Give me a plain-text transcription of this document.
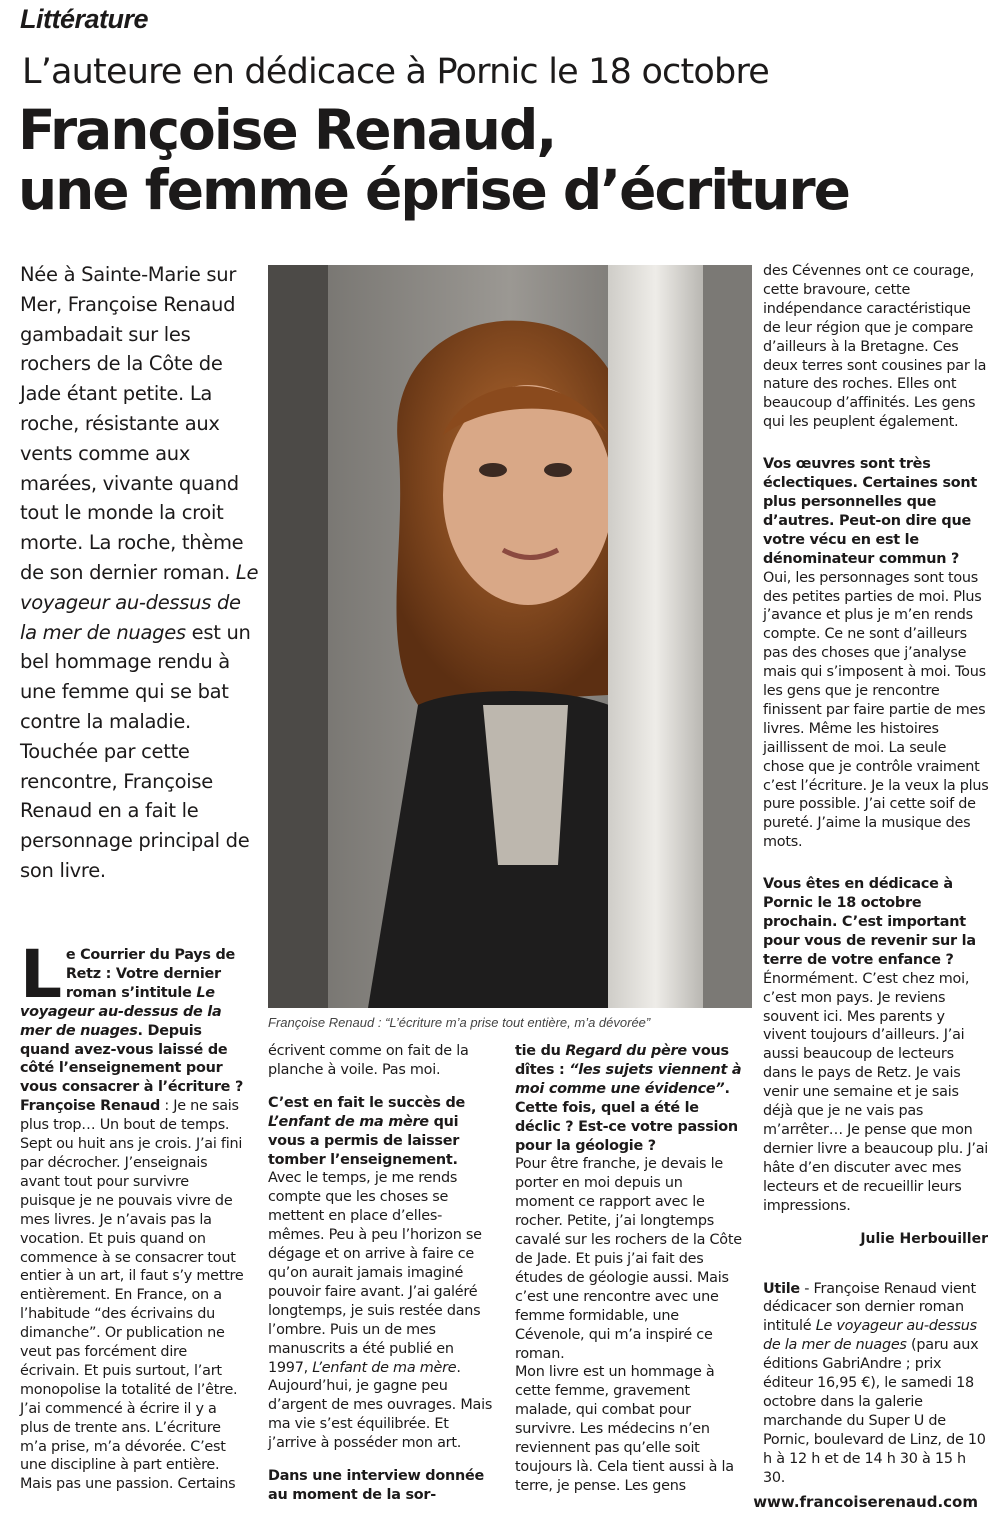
Littérature
L’auteure en dédicace à Pornic le 18 octobre
Françoise Renaud,
une femme éprise d’écriture
Née à Sainte-Marie sur Mer, Françoise Renaud gambadait sur les rochers de la Côte de Jade étant petite. La roche, résistante aux vents comme aux marées, vivante quand tout le monde la croit morte. La roche, thème de son dernier roman. Le voyageur au-dessus de la mer de nuages est un bel hommage rendu à une femme qui se bat contre la maladie. Touchée par cette rencontre, Françoise Renaud en a fait le personnage principal de son livre.
Françoise Renaud : “L’écriture m’a prise tout entière, m’a dévorée”

Le Courrier du Pays de Retz : Votre dernier roman s’intitule Le voyageur au-dessus de la mer de nuages. Depuis quand avez-vous laissé de côté l’enseignement pour vous consacrer à l’écriture ?

Françoise Renaud : Je ne sais plus trop… Un bout de temps. Sept ou huit ans je crois. J’ai fini par décrocher. J’enseignais avant tout pour survivre puisque je ne pouvais vivre de mes livres. Je n’avais pas la vocation. Et puis quand on commence à se consacrer tout entier à un art, il faut s’y mettre entièrement. En France, on a l’habitude “des écrivains du dimanche”. Or publication ne veut pas forcément dire écrivain. Et puis surtout, l’art monopolise la totalité de l’être. J’ai commencé à écrire il y a plus de trente ans. L’écriture m’a prise, m’a dévorée. C’est une discipline à part entière. Mais pas une passion. Certains

écrivent comme on fait de la planche à voile. Pas moi.

C’est en fait le succès de L’enfant de ma mère qui vous a permis de laisser tomber l’enseignement.

Avec le temps, je me rends compte que les choses se mettent en place d’elles-mêmes. Peu à peu l’horizon se dégage et on arrive à faire ce qu’on aurait jamais imaginé pouvoir faire avant. J’ai galéré longtemps, je suis restée dans l’ombre. Puis un de mes manuscrits a été publié en 1997, L’enfant de ma mère. Aujourd’hui, je gagne peu d’argent de mes ouvrages. Mais ma vie s’est équilibrée. Et j’arrive à posséder mon art.

Dans une interview donnée au moment de la sor-

tie du Regard du père vous dîtes : “les sujets viennent à moi comme une évidence”. Cette fois, quel a été le déclic ? Est-ce votre passion pour la géologie ?

Pour être franche, je devais le porter en moi depuis un moment ce rapport avec le rocher. Petite, j’ai longtemps cavalé sur les rochers de la Côte de Jade. Et puis j’ai fait des études de géologie aussi. Mais c’est une rencontre avec une femme formidable, une Cévenole, qui m’a inspiré ce roman.

Mon livre est un hommage à cette femme, gravement malade, qui combat pour survivre. Les médecins n’en reviennent pas qu’elle soit toujours là. Cela tient aussi à la terre, je pense. Les gens

des Cévennes ont ce courage, cette bravoure, cette indépendance caractéristique de leur région que je compare d’ailleurs à la Bretagne. Ces deux terres sont cousines par la nature des roches. Elles ont beaucoup d’affinités. Les gens qui les peuplent également.

Vos œuvres sont très éclectiques. Certaines sont plus personnelles que d’autres. Peut-on dire que votre vécu en est le dénominateur commun ?

Oui, les personnages sont tous des petites parties de moi. Plus j’avance et plus je m’en rends compte. Ce ne sont d’ailleurs pas des choses que j’analyse mais qui s’imposent à moi. Tous les gens que je rencontre finissent par faire partie de mes livres. Même les histoires jaillissent de moi. La seule chose que je contrôle vraiment c’est l’écriture. Je la veux la plus pure possible. J’ai cette soif de pureté. J’aime la musique des mots.

Vous êtes en dédicace à Pornic le 18 octobre prochain. C’est important pour vous de revenir sur la terre de votre enfance ?

Énormément. C’est chez moi, c’est mon pays. Je reviens souvent ici. Mes parents y vivent toujours d’ailleurs. J’ai aussi beaucoup de lecteurs dans le pays de Retz. Je vais venir une semaine et je sais déjà que je ne vais pas m’arrêter… Je pense que mon dernier livre a beaucoup plu. J’ai hâte d’en discuter avec mes lecteurs et de recueillir leurs impressions.

Utile - Françoise Renaud vient dédicacer son dernier roman intitulé Le voyageur au-dessus de la mer de nuages (paru aux éditions GabriAndre ; prix éditeur 16,95 €), le samedi 18 octobre dans la galerie marchande du Super U de Pornic, boulevard de Linz, de 10 h à 12 h et de 14 h 30 à 15 h 30.

Julie Herbouiller
www.francoiserenaud.com
